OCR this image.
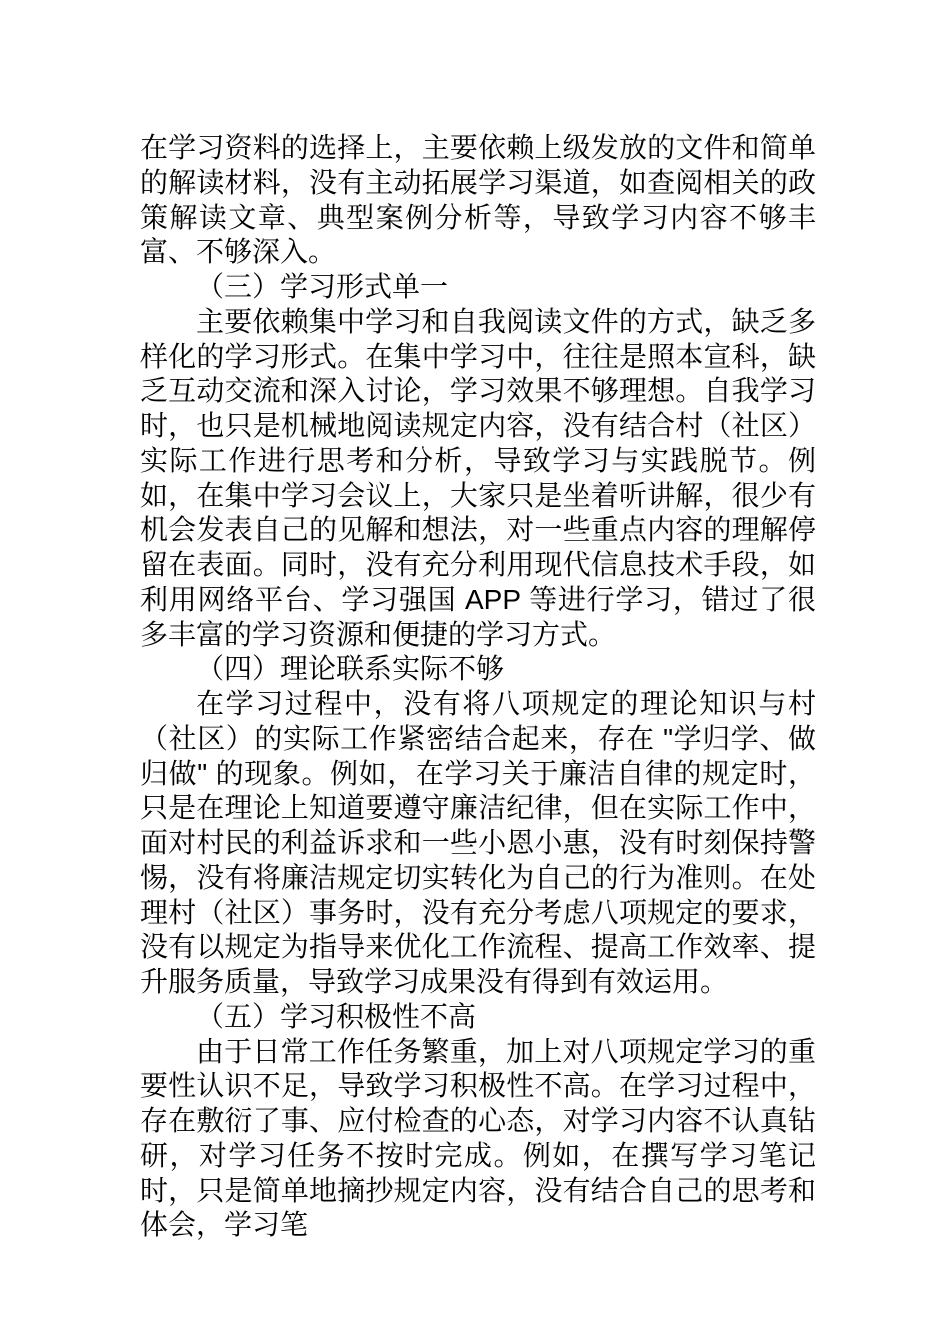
在学习资料的选择上，主要依赖上级发放的文件和简单的解读材料，没有主动拓展学习渠道，如查阅相关的政策解读文章、典型案例分析等，导致学习内容不够丰富、不够深入。

（三）学习形式单一

主要依赖集中学习和自我阅读文件的方式，缺乏多样化的学习形式。在集中学习中，往往是照本宣科，缺乏互动交流和深入讨论，学习效果不够理想。自我学习时，也只是机械地阅读规定内容，没有结合村（社区）实际工作进行思考和分析，导致学习与实践脱节。例如，在集中学习会议上，大家只是坐着听讲解，很少有机会发表自己的见解和想法，对一些重点内容的理解停留在表面。同时，没有充分利用现代信息技术手段，如利用网络平台、学习强国 APP 等进行学习，错过了很多丰富的学习资源和便捷的学习方式。

（四）理论联系实际不够

在学习过程中，没有将八项规定的理论知识与村（社区）的实际工作紧密结合起来，存在 "学归学、做归做" 的现象。例如，在学习关于廉洁自律的规定时，只是在理论上知道要遵守廉洁纪律，但在实际工作中，面对村民的利益诉求和一些小恩小惠，没有时刻保持警惕，没有将廉洁规定切实转化为自己的行为准则。在处理村（社区）事务时，没有充分考虑八项规定的要求，没有以规定为指导来优化工作流程、提高工作效率、提升服务质量，导致学习成果没有得到有效运用。

（五）学习积极性不高

由于日常工作任务繁重，加上对八项规定学习的重要性认识不足，导致学习积极性不高。在学习过程中，存在敷衍了事、应付检查的心态，对学习内容不认真钻研，对学习任务不按时完成。例如，在撰写学习笔记时，只是简单地摘抄规定内容，没有结合自己的思考和体会，学习笔
